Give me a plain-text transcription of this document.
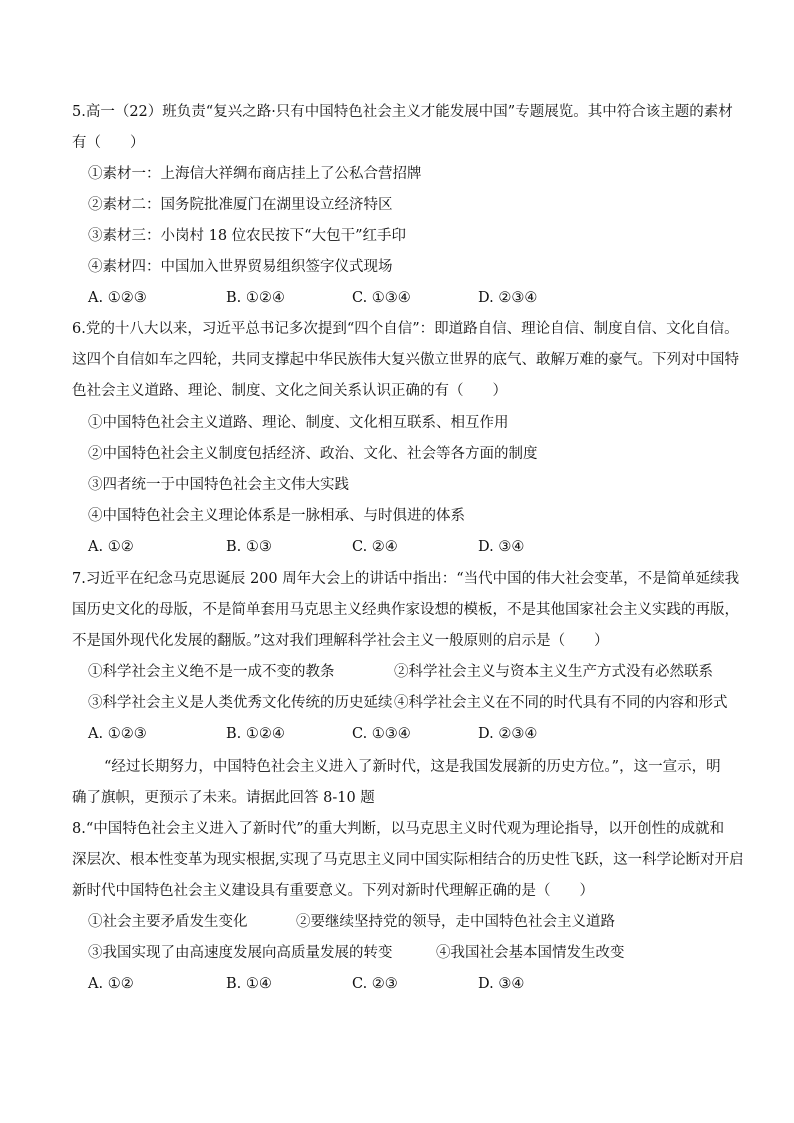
5.高一（22）班负责“复兴之路·只有中国特色社会主义才能发展中国”专题展览。其中符合该主题的素材
有（　　）
①素材一：上海信大祥绸布商店挂上了公私合营招牌
②素材二：国务院批准厦门在湖里设立经济特区
③素材三：小岗村 18 位农民按下“大包干”红手印
④素材四：中国加入世界贸易组织签字仪式现场
A. ①②③	B. ①②④	C. ①③④	D. ②③④
6.党的十八大以来，习近平总书记多次提到“四个自信”：即道路自信、理论自信、制度自信、文化自信。
这四个自信如车之四轮，共同支撑起中华民族伟大复兴傲立世界的底气、敢解万难的豪气。下列对中国特
色社会主义道路、理论、制度、文化之间关系认识正确的有（　　）
①中国特色社会主义道路、理论、制度、文化相互联系、相互作用
②中国特色社会主义制度包括经济、政治、文化、社会等各方面的制度
③四者统一于中国特色社会主文伟大实践
④中国特色社会主义理论体系是一脉相承、与时俱进的体系
A. ①②	B. ①③	C. ②④	D. ③④
7.习近平在纪念马克思诞辰 200 周年大会上的讲话中指出：“当代中国的伟大社会变革，不是简单延续我
国历史文化的母版，不是简单套用马克思主义经典作家设想的模板，不是其他国家社会主义实践的再版，
不是国外现代化发展的翻版。”这对我们理解科学社会主义一般原则的启示是（　　）
①科学社会主义绝不是一成不变的教条	②科学社会主义与资本主义生产方式没有必然联系
③科学社会主义是人类优秀文化传统的历史延续 ④科学社会主义在不同的时代具有不同的内容和形式
A. ①②③	B. ①②④	C. ①③④	D. ②③④
“经过长期努力，中国特色社会主义进入了新时代，这是我国发展新的历史方位。”，这一宣示，明
确了旗帜，更预示了未来。请据此回答 8-10 题
8.“中国特色社会主义进入了新时代”的重大判断，以马克思主义时代观为理论指导，以开创性的成就和
深层次、根本性变革为现实根据,实现了马克思主义同中国实际相结合的历史性飞跃，这一科学论断对开启
新时代中国特色社会主义建设具有重要意义。下列对新时代理解正确的是（　　）
①社会主要矛盾发生变化	②要继续坚持党的领导，走中国特色社会主义道路
③我国实现了由高速度发展向高质量发展的转变	④我国社会基本国情发生改变
A. ①②	B. ①④	C. ②③	D. ③④
